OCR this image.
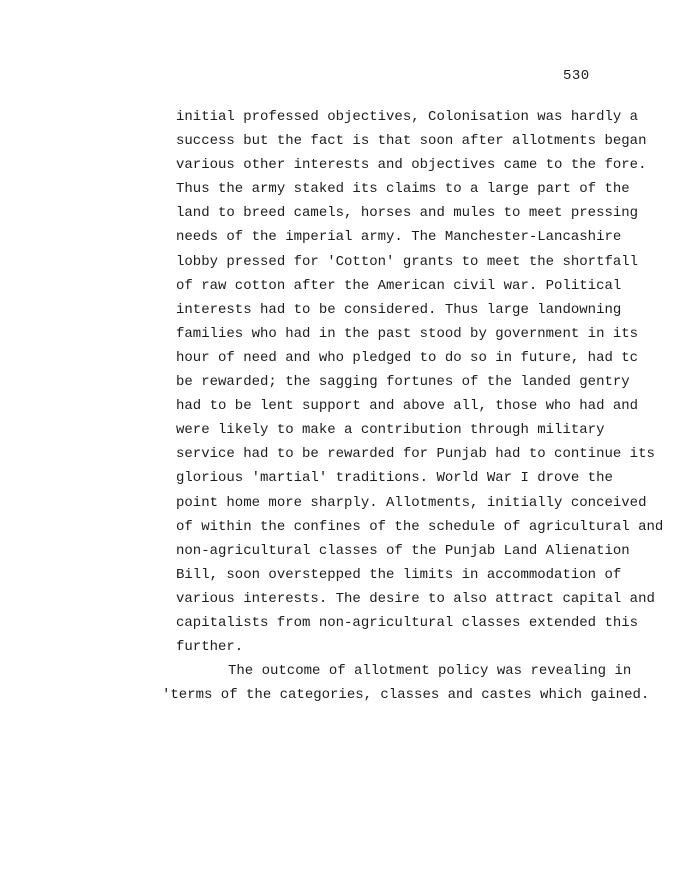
530
initial professed objectives, Colonisation was hardly a
success but the fact is that soon after allotments began
various other interests and objectives came to the fore.
Thus the army staked its claims to a large part of the
land to breed camels, horses and mules to meet pressing
needs of the imperial army. The Manchester-Lancashire
lobby pressed for 'Cotton' grants to meet the shortfall
of raw cotton after the American civil war. Political
interests had to be considered. Thus large landowning
families who had in the past stood by government in its
hour of need and who pledged to do so in future, had tc
be rewarded; the sagging fortunes of the landed gentry
had to be lent support and above all, those who had and
were likely to make a contribution through military
service had to be rewarded for Punjab had to continue its
glorious 'martial' traditions. World War I drove the
point home more sharply. Allotments, initially conceived
of within the confines of the schedule of agricultural and
non-agricultural classes of the Punjab Land Alienation
Bill, soon overstepped the limits in accommodation of
various interests. The desire to also attract capital and
capitalists from non-agricultural classes extended this
further.
The outcome of allotment policy was revealing in
'terms of the categories, classes and castes which gained.
